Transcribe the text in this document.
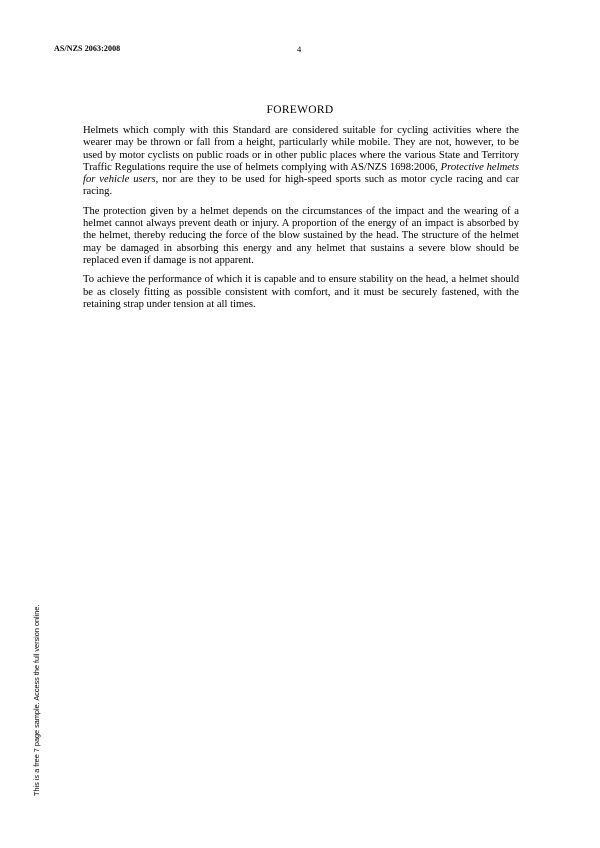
AS/NZS 2063:2008	4
FOREWORD

Helmets which comply with this Standard are considered suitable for cycling activities where the wearer may be thrown or fall from a height, particularly while mobile. They are not, however, to be used by motor cyclists on public roads or in other public places where the various State and Territory Traffic Regulations require the use of helmets complying with AS/NZS 1698:2006, Protective helmets for vehicle users, nor are they to be used for high-speed sports such as motor cycle racing and car racing.

The protection given by a helmet depends on the circumstances of the impact and the wearing of a helmet cannot always prevent death or injury. A proportion of the energy of an impact is absorbed by the helmet, thereby reducing the force of the blow sustained by the head. The structure of the helmet may be damaged in absorbing this energy and any helmet that sustains a severe blow should be replaced even if damage is not apparent.

To achieve the performance of which it is capable and to ensure stability on the head, a helmet should be as closely fitting as possible consistent with comfort, and it must be securely fastened, with the retaining strap under tension at all times.

This is a free 7 page sample. Access the full version online.
